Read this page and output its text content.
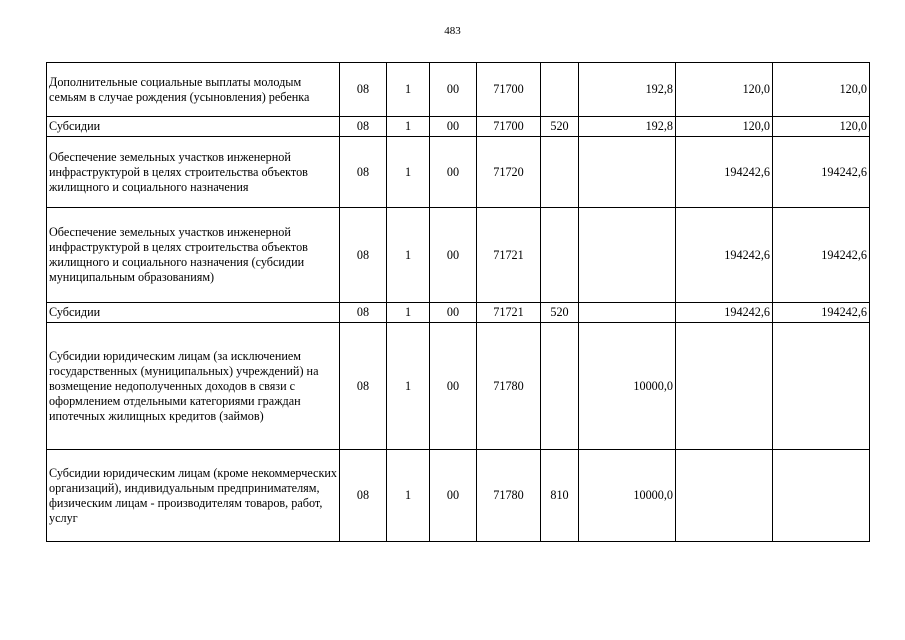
483
Дополнительные социальные выплаты молодым семьям в случае рождения (усыновления) ребенка	08	1	00	71700		192,8	120,0	120,0
Субсидии	08	1	00	71700	520	192,8	120,0	120,0
Обеспечение земельных участков инженерной инфраструктурой в целях строительства объектов жилищного и социального назначения	08	1	00	71720			194242,6	194242,6
Обеспечение земельных участков инженерной инфраструктурой в целях строительства объектов жилищного и социального назначения (субсидии муниципальным образованиям)	08	1	00	71721			194242,6	194242,6
Субсидии	08	1	00	71721	520		194242,6	194242,6
Субсидии юридическим лицам (за исключением государственных (муниципальных) учреждений) на возмещение недополученных доходов в связи с оформлением отдельными категориями граждан ипотечных жилищных кредитов (займов)	08	1	00	71780		10000,0		
Субсидии юридическим лицам (кроме некоммерческих организаций), индивидуальным предпринимателям, физическим лицам - производителям товаров, работ, услуг	08	1	00	71780	810	10000,0		
